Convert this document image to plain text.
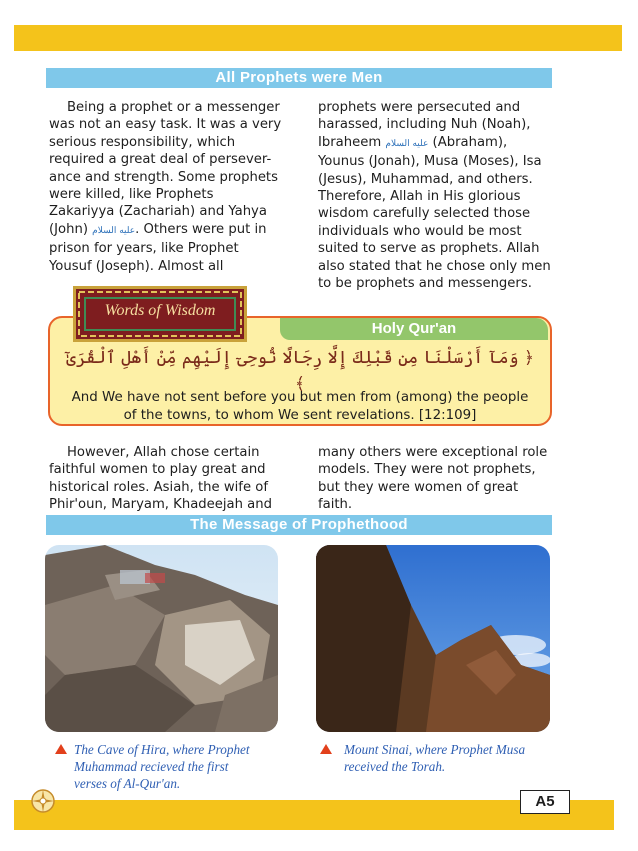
All Prophets were Men

Being a prophet or a messenger

was not an easy task. It was a very

serious responsibility, which

required a great deal of persever-

ance and strength. Some prophets

were killed, like Prophets

Zakariyya (Zachariah) and Yahya

(John) عليه السلام. Others were put in

prison for years, like Prophet

Yousuf (Joseph). Almost all

prophets were persecuted and

harassed, including Nuh (Noah),

Ibraheem عليه السلام (Abraham),

Younus (Jonah), Musa (Moses), Isa

(Jesus), Muhammad, and others.

Therefore, Allah in His glorious

wisdom carefully selected those

individuals who would be most

suited to serve as prophets. Allah

also stated that he chose only men

to be prophets and messengers.

Holy Qur'an
Words of Wisdom
﴿ وَمَآ أَرْسَلْنَا مِن قَبْلِكَ إِلَّا رِجَالًا نُّوحِىٓ إِلَيْهِم مِّنْ أَهْلِ ٱلْقُرَىٰٓ ﴾
And We have not sent before you but men from (among) the people
of the towns, to whom We sent revelations. [12:109]

However, Allah chose certain

faithful women to play great and

historical roles. Asiah, the wife of

Phir'oun, Maryam, Khadeejah and

many others were exceptional role

models. They were not prophets,

but they were women of great

faith.

The Message of Prophethood
The Cave of Hira, where Prophet
Muhammad recieved the first
verses of Al-Qur'an.
Mount Sinai, where Prophet Musa
received the Torah.
A5
